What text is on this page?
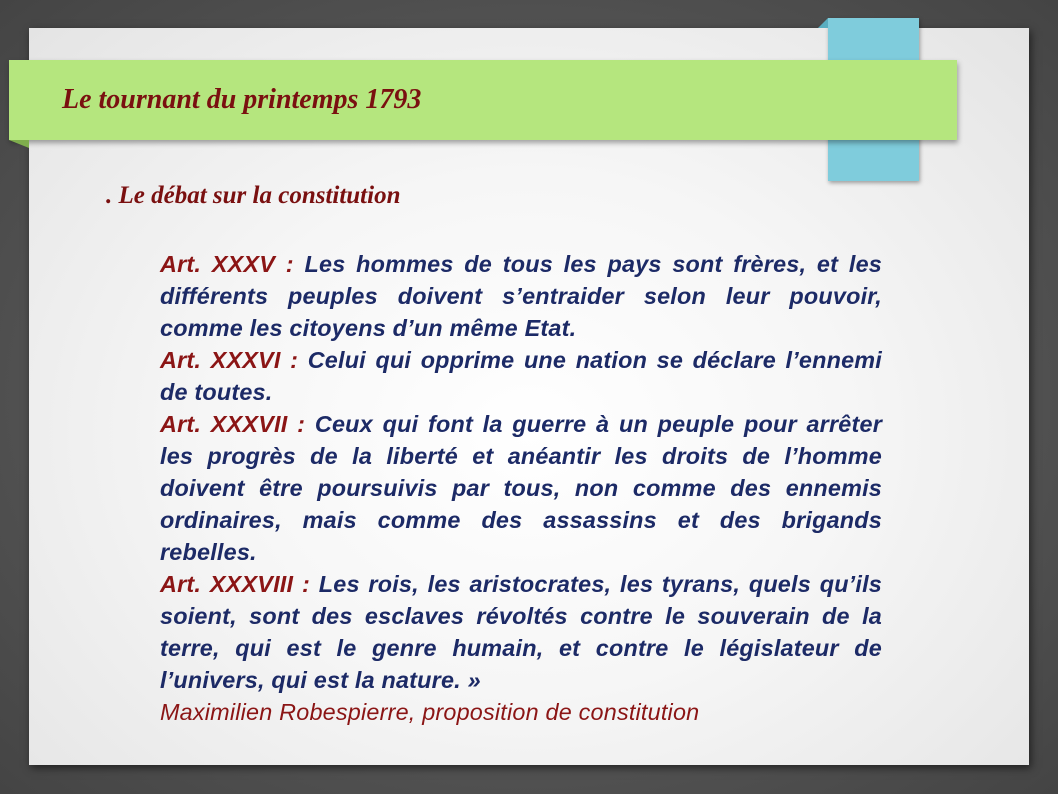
Le tournant du printemps 1793
. Le débat sur la constitution

Art. XXXV : Les hommes de tous les pays sont frères, et les différents peuples doivent s’entraider selon leur pouvoir, comme les citoyens d’un même Etat.

Art. XXXVI : Celui qui opprime une nation se déclare l’ennemi de toutes.

Art. XXXVII : Ceux qui font la guerre à un peuple pour arrêter les progrès de la liberté et anéantir les droits de l’homme doivent être poursuivis par tous, non comme des ennemis ordinaires, mais comme des assassins et des brigands rebelles.

Art. XXXVIII : Les rois, les aristocrates, les tyrans, quels qu’ils soient, sont des esclaves révoltés contre le souverain de la terre, qui est le genre humain, et contre le législateur de l’univers, qui est la nature. »

Maximilien Robespierre, proposition de constitution
